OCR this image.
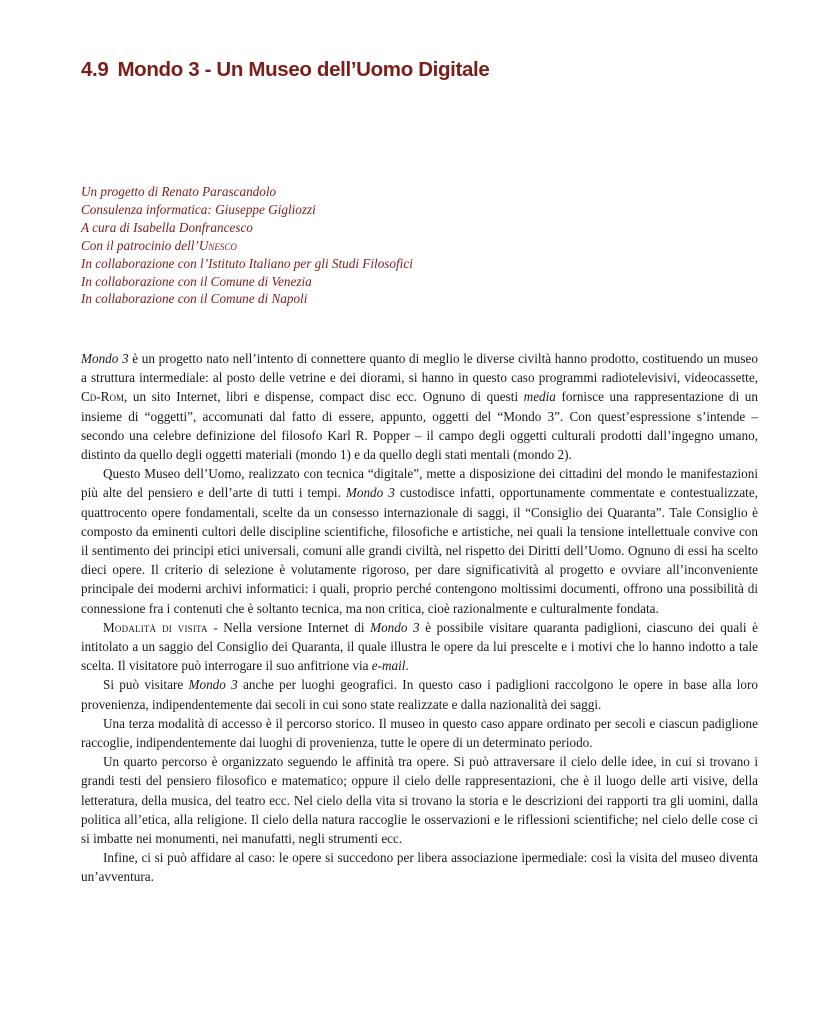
4.9 Mondo 3 - Un Museo dell’Uomo Digitale
Un progetto di Renato Parascandolo
Consulenza informatica: Giuseppe Gigliozzi
A cura di Isabella Donfrancesco
Con il patrocinio dell’Unesco
In collaborazione con l’Istituto Italiano per gli Studi Filosofici
In collaborazione con il Comune di Venezia
In collaborazione con il Comune di Napoli

Mondo 3 è un progetto nato nell’intento di connettere quanto di meglio le diverse civiltà hanno prodotto, costituendo un museo a struttura intermediale: al posto delle vetrine e dei diorami, si hanno in questo caso programmi radiotelevisivi, videocassette, Cd-Rom, un sito Internet, libri e dispense, compact disc ecc. Ognuno di questi media fornisce una rappresentazione di un insieme di “oggetti”, accomunati dal fatto di essere, appunto, oggetti del “Mondo 3”. Con quest’espressione s’intende – secondo una celebre definizione del filosofo Karl R. Popper – il campo degli oggetti culturali prodotti dall’ingegno umano, distinto da quello degli oggetti materiali (mondo 1) e da quello degli stati mentali (mondo 2).

Questo Museo dell’Uomo, realizzato con tecnica “digitale”, mette a disposizione dei cittadini del mondo le manifestazioni più alte del pensiero e dell’arte di tutti i tempi. Mondo 3 custodisce infatti, opportunamente commentate e contestualizzate, quattrocento opere fondamentali, scelte da un consesso internazionale di saggi, il “Consiglio dei Quaranta”. Tale Consiglio è composto da eminenti cultori delle discipline scientifiche, filosofiche e artistiche, nei quali la tensione intellettuale convive con il sentimento dei principi etici universali, comuni alle grandi civiltà, nel rispetto dei Diritti dell’Uomo. Ognuno di essi ha scelto dieci opere. Il criterio di selezione è volutamente rigoroso, per dare significatività al progetto e ovviare all’inconveniente principale dei moderni archivi informatici: i quali, proprio perché contengono moltissimi documenti, offrono una possibilità di connessione fra i contenuti che è soltanto tecnica, ma non critica, cioè razionalmente e culturalmente fondata.

Modalità di visita - Nella versione Internet di Mondo 3 è possibile visitare quaranta padiglioni, ciascuno dei quali è intitolato a un saggio del Consiglio dei Quaranta, il quale illustra le opere da lui prescelte e i motivi che lo hanno indotto a tale scelta. Il visitatore può interrogare il suo anfitrione via e-mail.

Si può visitare Mondo 3 anche per luoghi geografici. In questo caso i padiglioni raccolgono le opere in base alla loro provenienza, indipendentemente dai secoli in cui sono state realizzate e dalla nazionalità dei saggi.

Una terza modalità di accesso è il percorso storico. Il museo in questo caso appare ordinato per secoli e ciascun padiglione raccoglie, indipendentemente dai luoghi di provenienza, tutte le opere di un determinato periodo.

Un quarto percorso è organizzato seguendo le affinità tra opere. Si può attraversare il cielo delle idee, in cui si trovano i grandi testi del pensiero filosofico e matematico; oppure il cielo delle rappresentazioni, che è il luogo delle arti visive, della letteratura, della musica, del teatro ecc. Nel cielo della vita si trovano la storia e le descrizioni dei rapporti tra gli uomini, dalla politica all’etica, alla religione. Il cielo della natura raccoglie le osservazioni e le riflessioni scientifiche; nel cielo delle cose ci si imbatte nei monumenti, nei manufatti, negli strumenti ecc.

Infine, ci si può affidare al caso: le opere si succedono per libera associazione ipermediale: così la visita del museo diventa un’avventura.
